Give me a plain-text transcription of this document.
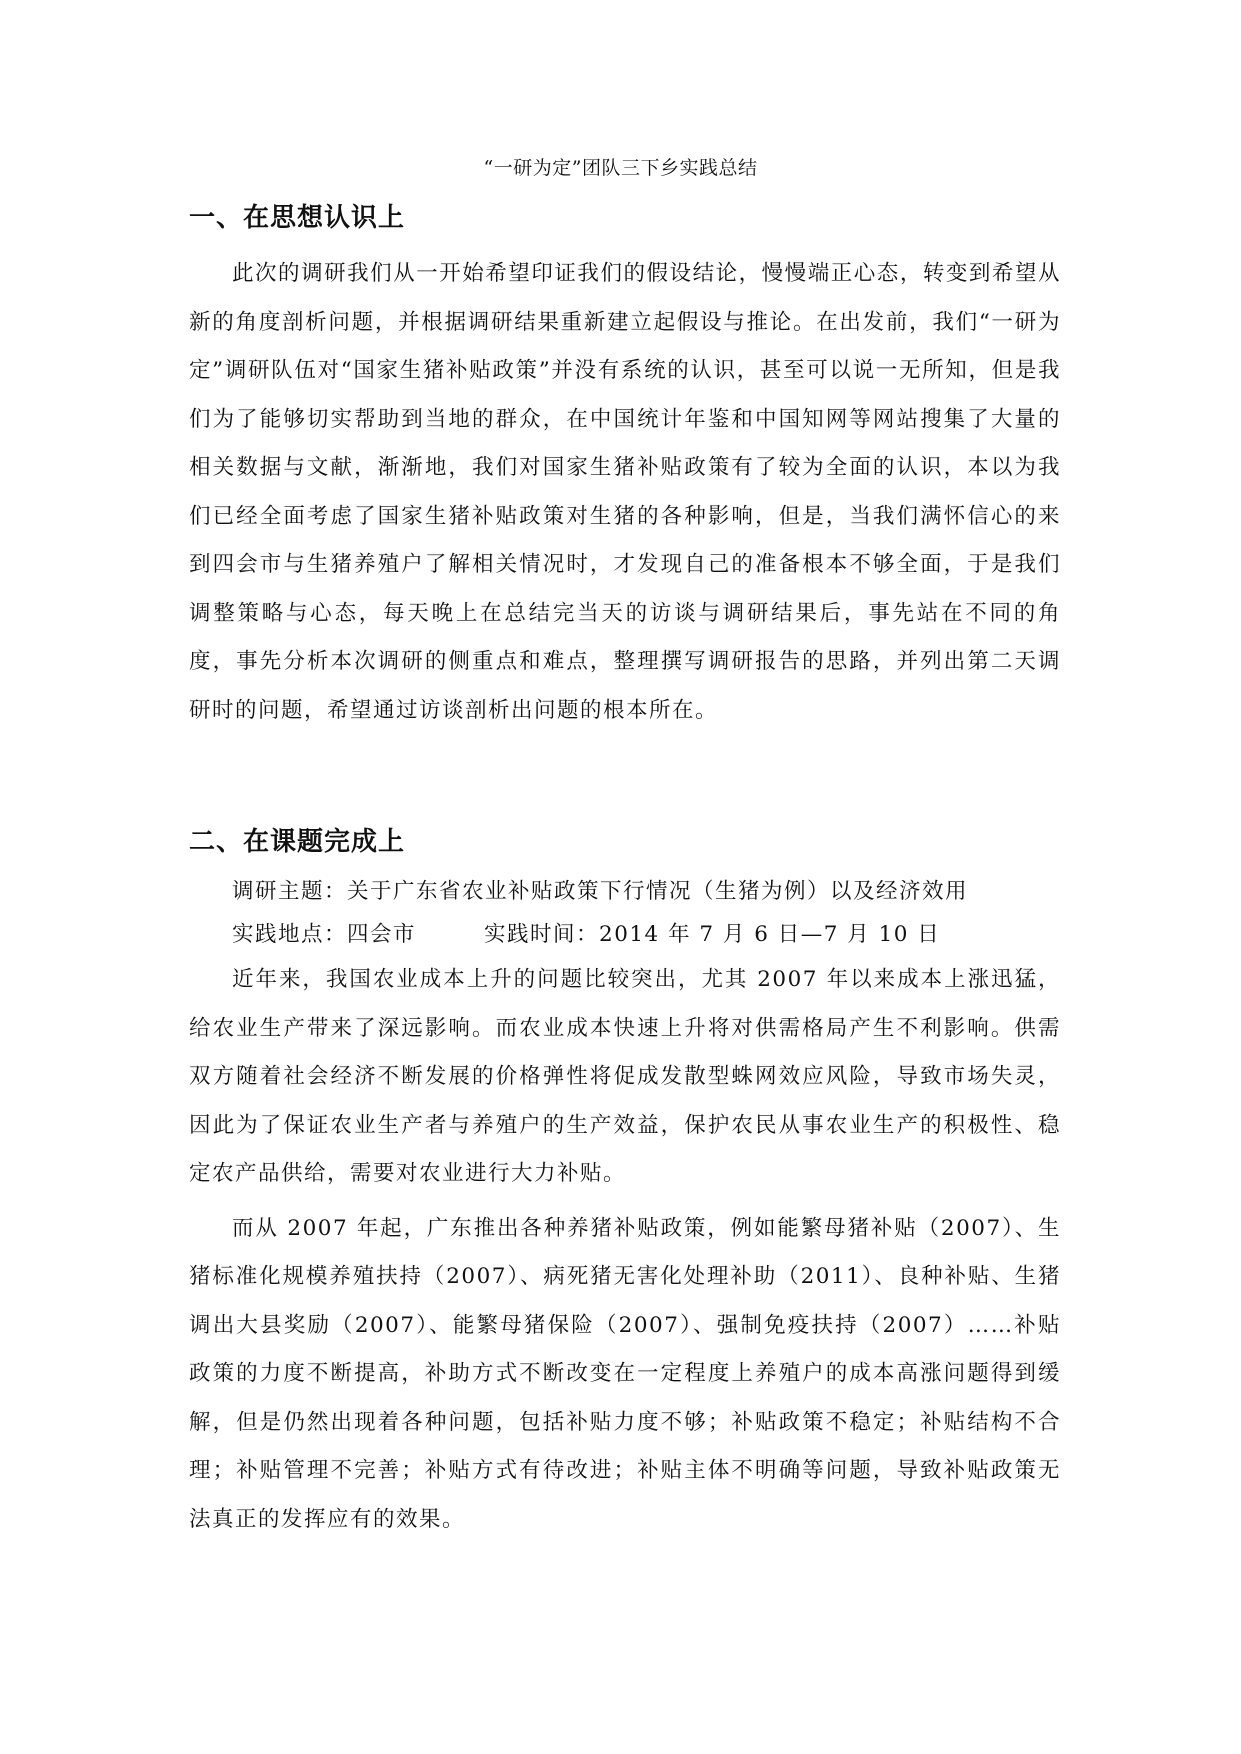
“一研为定”团队三下乡实践总结
一、在思想认识上

此次的调研我们从一开始希望印证我们的假设结论，慢慢端正心态，转变到希望从新的角度剖析问题，并根据调研结果重新建立起假设与推论。在出发前，我们“一研为定”调研队伍对“国家生猪补贴政策”并没有系统的认识，甚至可以说一无所知，但是我们为了能够切实帮助到当地的群众，在中国统计年鉴和中国知网等网站搜集了大量的相关数据与文献，渐渐地，我们对国家生猪补贴政策有了较为全面的认识，本以为我们已经全面考虑了国家生猪补贴政策对生猪的各种影响，但是，当我们满怀信心的来到四会市与生猪养殖户了解相关情况时，才发现自己的准备根本不够全面，于是我们调整策略与心态，每天晚上在总结完当天的访谈与调研结果后，事先站在不同的角度，事先分析本次调研的侧重点和难点，整理撰写调研报告的思路，并列出第二天调研时的问题，希望通过访谈剖析出问题的根本所在。

二、在课题完成上

调研主题：关于广东省农业补贴政策下行情况（生猪为例）以及经济效用

实践地点：四会市	实践时间：2014 年 7 月 6 日—7 月 10 日

近年来，我国农业成本上升的问题比较突出，尤其 2007 年以来成本上涨迅猛，给农业生产带来了深远影响。而农业成本快速上升将对供需格局产生不利影响。供需双方随着社会经济不断发展的价格弹性将促成发散型蛛网效应风险，导致市场失灵，因此为了保证农业生产者与养殖户的生产效益，保护农民从事农业生产的积极性、稳定农产品供给，需要对农业进行大力补贴。

而从 2007 年起，广东推出各种养猪补贴政策，例如能繁母猪补贴（2007）、生猪标准化规模养殖扶持（2007）、病死猪无害化处理补助（2011）、良种补贴、生猪调出大县奖励（2007）、能繁母猪保险（2007）、强制免疫扶持（2007）……补贴政策的力度不断提高，补助方式不断改变在一定程度上养殖户的成本高涨问题得到缓解，但是仍然出现着各种问题，包括补贴力度不够；补贴政策不稳定；补贴结构不合理；补贴管理不完善；补贴方式有待改进；补贴主体不明确等问题，导致补贴政策无法真正的发挥应有的效果。
